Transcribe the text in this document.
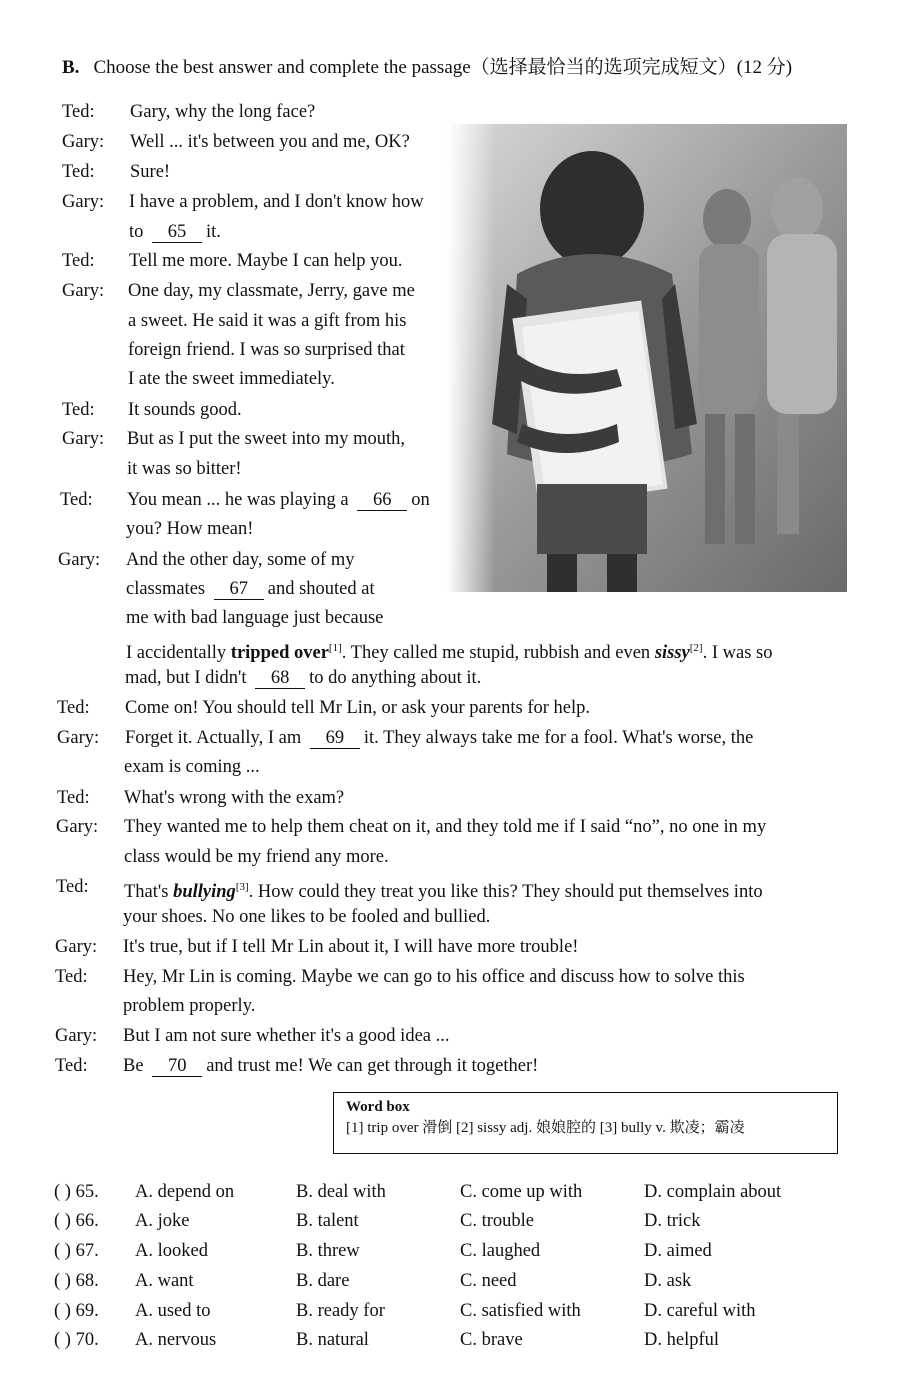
B. Choose the best answer and complete the passage（选择最恰当的选项完成短文）(12 分)
Ted: Gary, why the long face?
Gary: Well ... it's between you and me, OK?
Ted: Sure!
Gary: I have a problem, and I don't know how
to 65 it.
Ted: Tell me more. Maybe I can help you.
Gary: One day, my classmate, Jerry, gave me
a sweet. He said it was a gift from his
foreign friend. I was so surprised that
I ate the sweet immediately.
Ted: It sounds good.
Gary: But as I put the sweet into my mouth,
it was so bitter!
Ted: You mean ... he was playing a 66 on
you? How mean!
Gary: And the other day, some of my
classmates 67 and shouted at
me with bad language just because
I accidentally tripped over[1]. They called me stupid, rubbish and even sissy[2]. I was so
mad, but I didn't 68 to do anything about it.
Ted: Come on! You should tell Mr Lin, or ask your parents for help.
Gary: Forget it. Actually, I am 69 it. They always take me for a fool. What's worse, the
exam is coming ...
Ted: What's wrong with the exam?
Gary: They wanted me to help them cheat on it, and they told me if I said “no”, no one in my
class would be my friend any more.
Ted: That's bullying[3]. How could they treat you like this? They should put themselves into
your shoes. No one likes to be fooled and bullied.
Gary: It's true, but if I tell Mr Lin about it, I will have more trouble!
Ted: Hey, Mr Lin is coming. Maybe we can go to his office and discuss how to solve this
problem properly.
Gary: But I am not sure whether it's a good idea ...
Ted: Be 70 and trust me! We can get through it together!
Word box
[1] trip over 滑倒 [2] sissy adj. 娘娘腔的 [3] bully v. 欺凌；霸凌
( ) 65. A. depend on	B. deal with	C. come up with	D. complain about
( ) 66. A. joke	B. talent	C. trouble	D. trick
( ) 67. A. looked	B. threw	C. laughed	D. aimed
( ) 68. A. want	B. dare	C. need	D. ask
( ) 69. A. used to	B. ready for	C. satisfied with	D. careful with
( ) 70. A. nervous	B. natural	C. brave	D. helpful
